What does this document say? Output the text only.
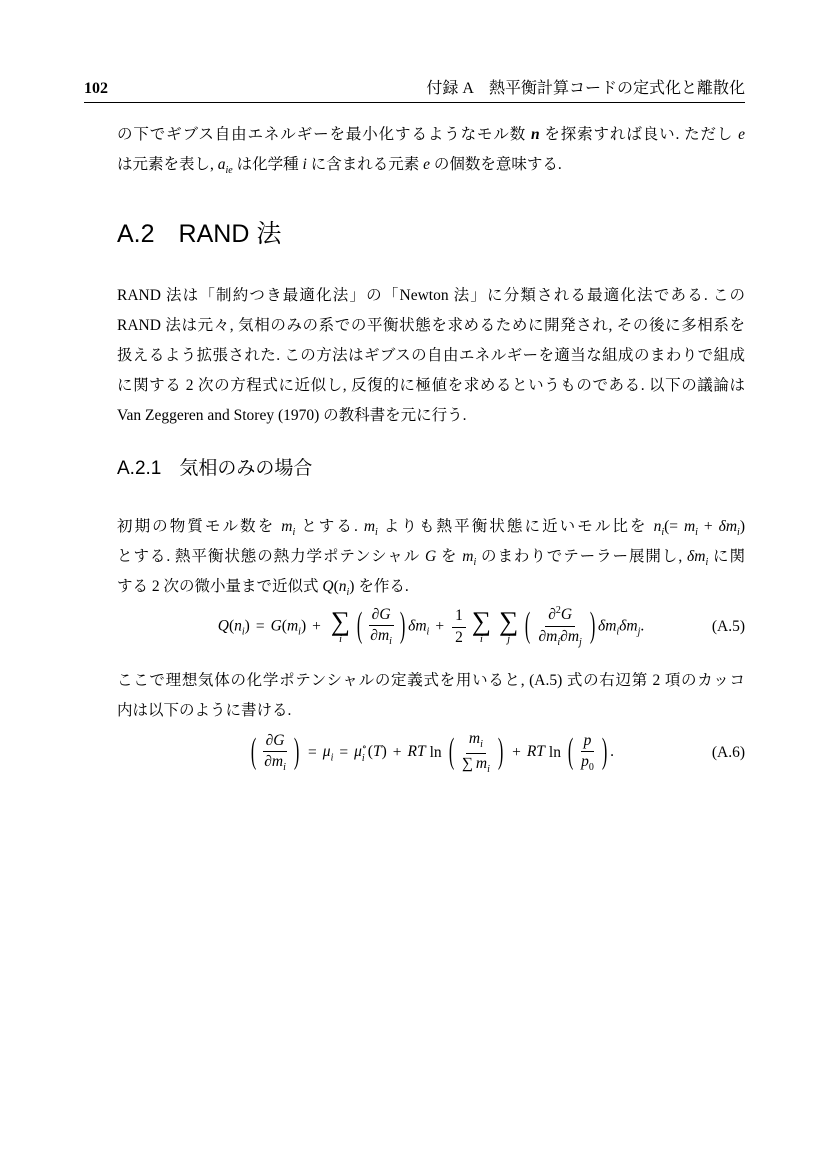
102	付録 A　熱平衡計算コードの定式化と離散化
の下でギブス自由エネルギーを最小化するようなモル数 n を探索すれば良い. ただし e
は元素を表し, $a_{ie}$ は化学種 i に含まれる元素 e の個数を意味する.
A.2 RAND 法
RAND 法は「制約つき最適化法」の「Newton 法」に分類される最適化法である. この
RAND 法は元々, 気相のみの系での平衡状態を求めるために開発され, その後に多相系を
扱えるよう拡張された. この方法はギブスの自由エネルギーを適当な組成のまわりで組成
に関する 2 次の方程式に近似し, 反復的に極値を求めるというものである. 以下の議論は
Van Zeggeren and Storey (1970) の教科書を元に行う.
A.2.1 気相のみの場合
初期の物質モル数を $m_i$ とする. $m_i$ よりも熱平衡状態に近いモル比を $n_i(= m_i + \delta m_i)$
とする. 熱平衡状態の熱力学ポテンシャル G を $m_i$ のまわりでテーラー展開し, $\delta m_i$ に関
する 2 次の微小量まで近似式 $Q(n_i)$ を作る.
$Q(n_i) = G(m_i)$ + ∑
i ( $\frac{\partial G}{\partial m_i}$ ) $\delta m_i + \frac{1}{2}$ ∑
i
∑
j ( $\frac{\partial^2G}{\partial m_i\partial m_j}$ ) $\delta m_i\delta m_j$.	(A.5)
ここで理想気体の化学ポテンシャルの定義式を用いると, (A.5) 式の右辺第 2 項のカッコ
内は以下のように書ける.
( $\frac{\partial G}{\partial m_i}$ ) = $\mu_i = \mu$ ∘
i (T) + RT ln ( $\frac{m_i}{\sum m_i}$ ) + RT ln ( $\frac{p}{p_0}$ ) .	(A.6)
